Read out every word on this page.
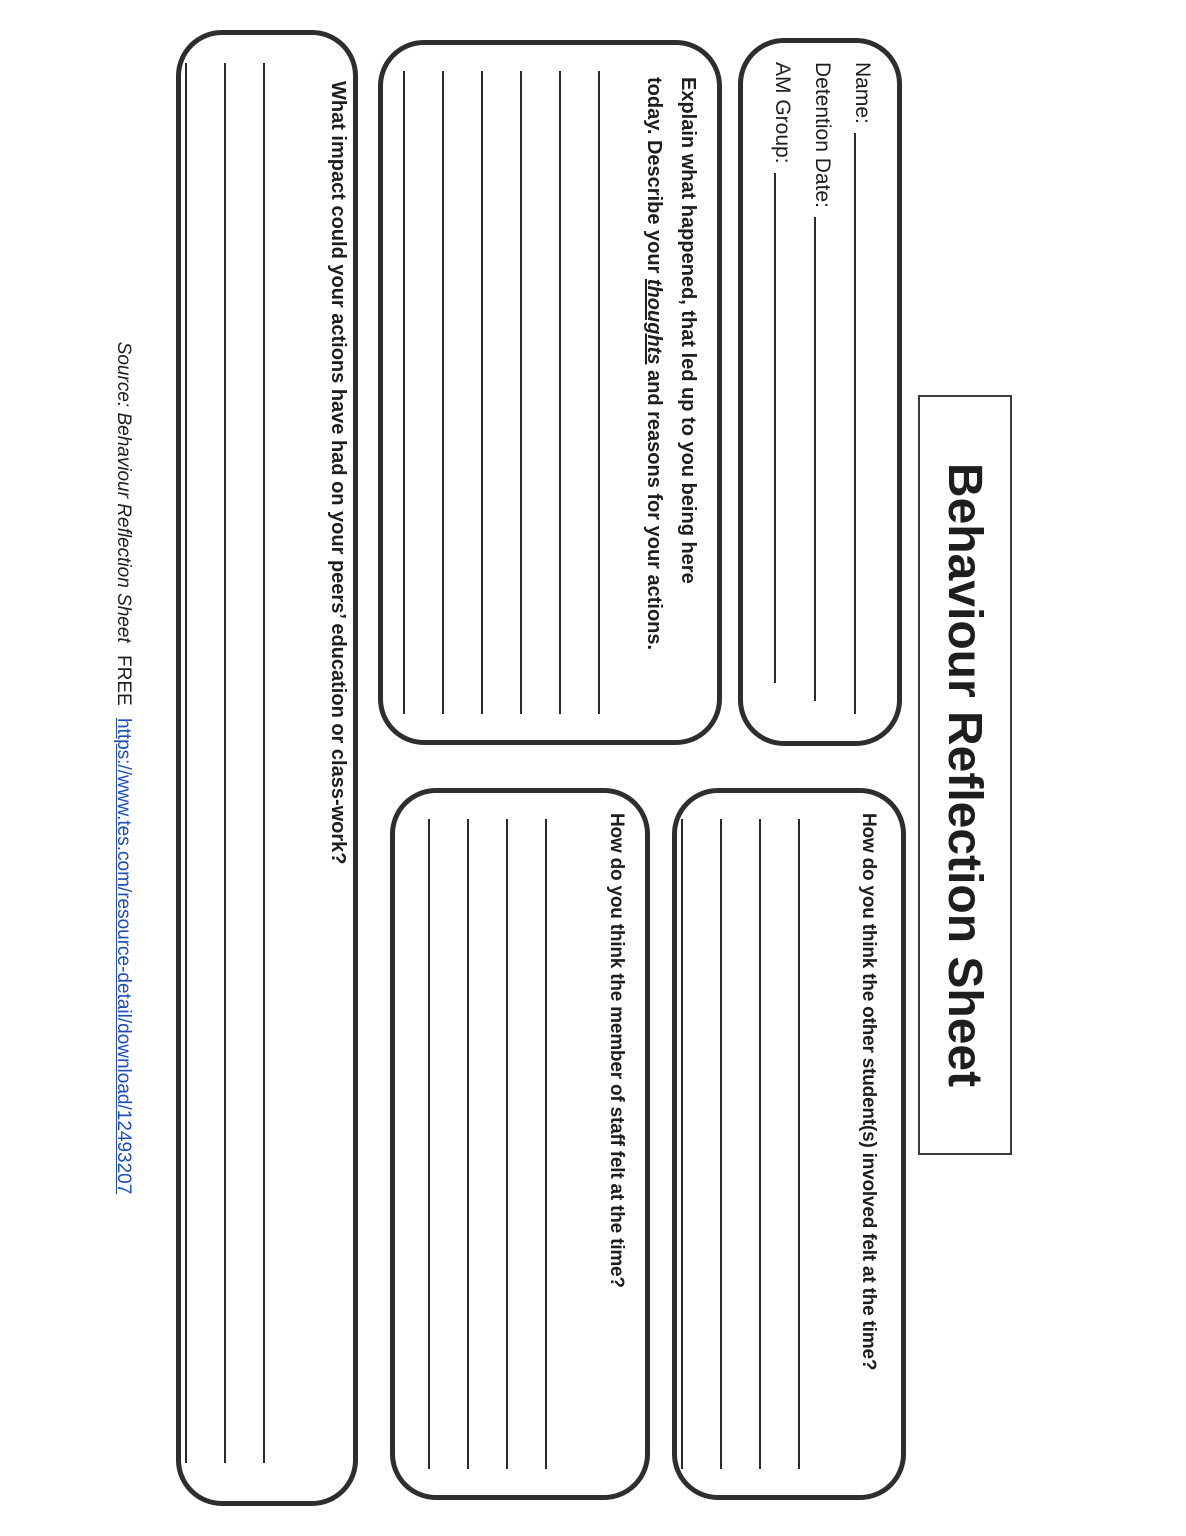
Behaviour Reflection Sheet
Name:
Detention Date:
AM Group:
How do you think the other student(s) involved felt at the time?
Explain what happened, that led up to you being here
today. Describe your thoughts and reasons for your actions.
How do you think the member of staff felt at the time?
What impact could your actions have had on your peers’ education or class-work?
Source: Behaviour Reflection Sheet FREE https://www.tes.com/resource-detail/download/12493207
